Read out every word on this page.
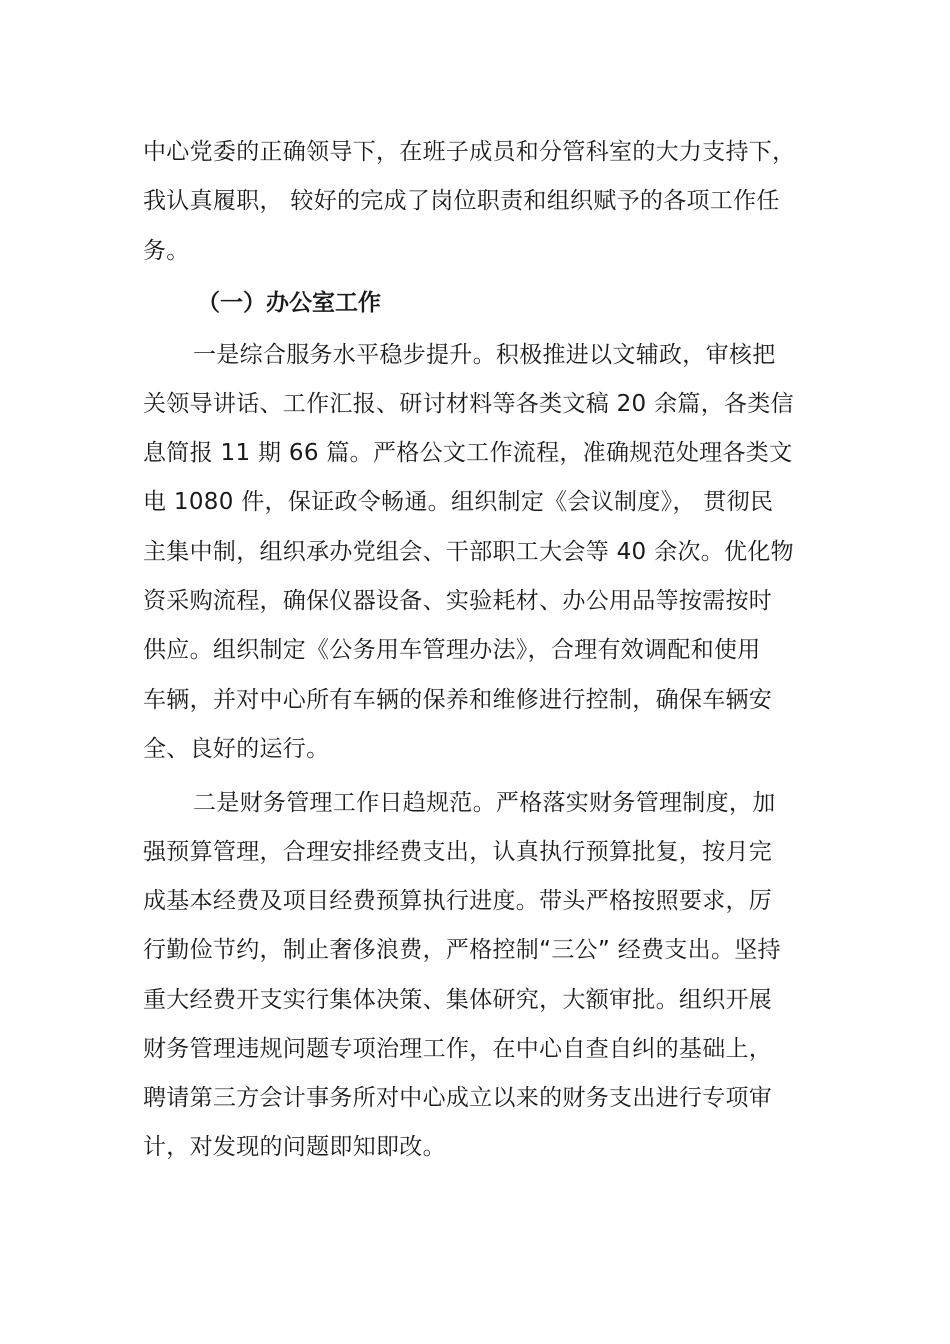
中心党委的正确领导下，在班子成员和分管科室的大力支持下，
我认真履职， 较好的完成了岗位职责和组织赋予的各项工作任
务。
（一）办公室工作
一是综合服务水平稳步提升。积极推进以文辅政，审核把
关领导讲话、工作汇报、研讨材料等各类文稿 20 余篇，各类信
息简报 11 期 66 篇。严格公文工作流程，准确规范处理各类文
电 1080 件，保证政令畅通。组织制定《会议制度》， 贯彻民
主集中制，组织承办党组会、干部职工大会等 40 余次。优化物
资采购流程，确保仪器设备、实验耗材、办公用品等按需按时
供应。组织制定《公务用车管理办法》，合理有效调配和使用
车辆，并对中心所有车辆的保养和维修进行控制，确保车辆安
全、良好的运行。
二是财务管理工作日趋规范。严格落实财务管理制度，加
强预算管理，合理安排经费支出，认真执行预算批复，按月完
成基本经费及项目经费预算执行进度。带头严格按照要求，厉
行勤俭节约，制止奢侈浪费，严格控制“三公” 经费支出。坚持
重大经费开支实行集体决策、集体研究，大额审批。组织开展
财务管理违规问题专项治理工作，在中心自查自纠的基础上，
聘请第三方会计事务所对中心成立以来的财务支出进行专项审
计，对发现的问题即知即改。
